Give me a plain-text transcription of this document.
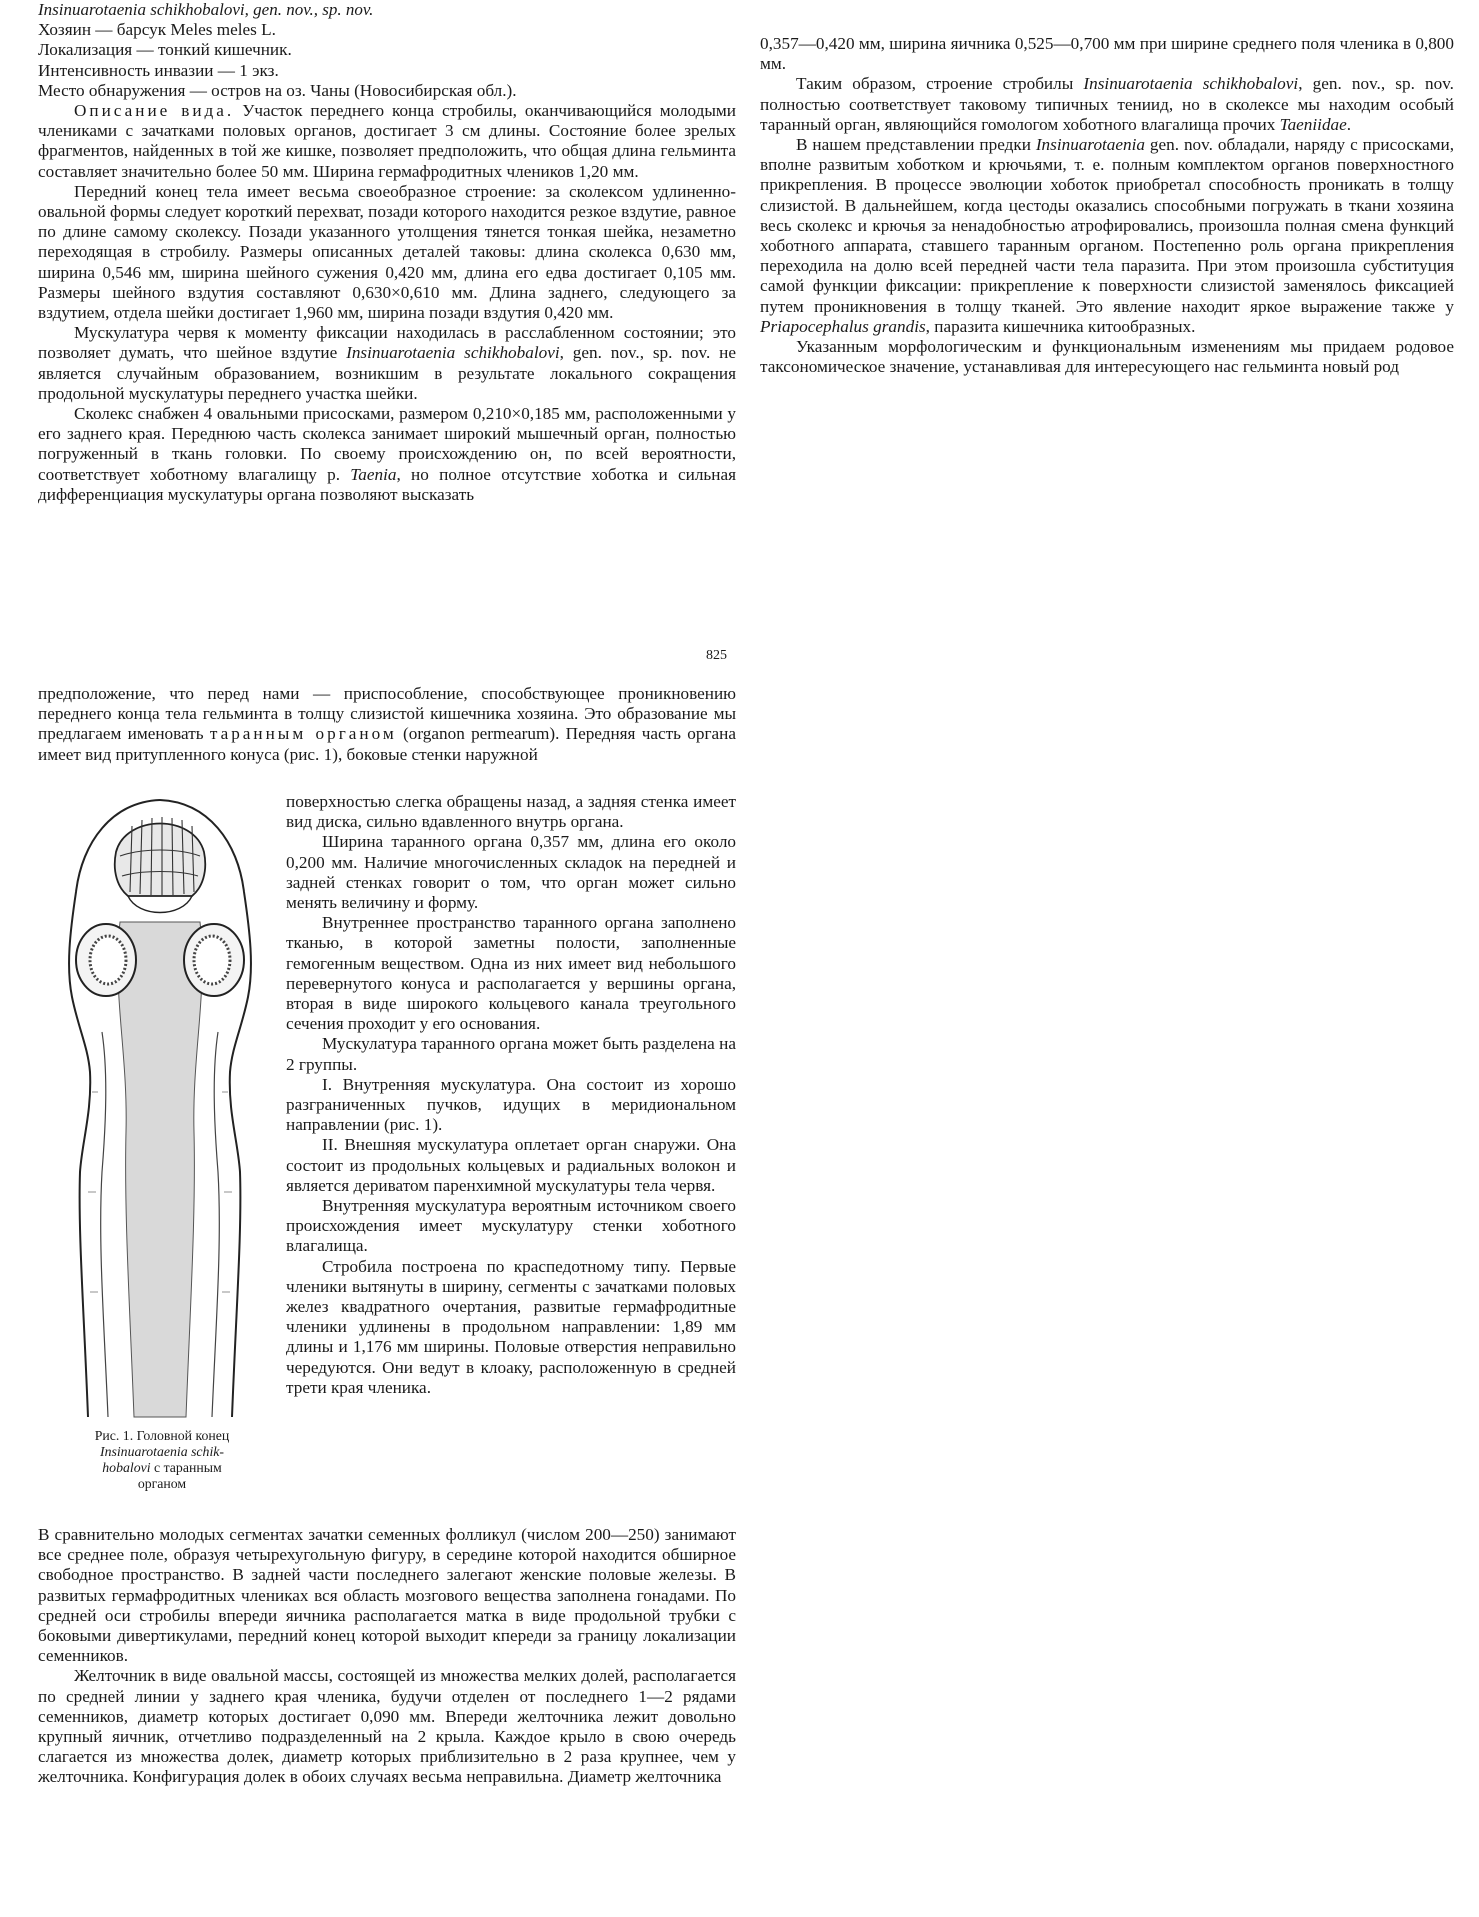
Insinuarotaenia schikhobalovi, gen. nov., sp. nov.

Хозяин — барсук Meles meles L.

Локализация — тонкий кишечник.

Интенсивность инвазии — 1 экз.

Место обнаружения — остров на оз. Чаны (Новосибирская обл.).

Описание вида. Участок переднего конца стробилы, оканчивающийся молодыми члениками с зачатками половых органов, достигает 3 см длины. Состояние более зрелых фрагментов, найденных в той же кишке, позволяет предположить, что общая длина гельминта составляет значительно более 50 мм. Ширина гермафродитных члеников 1,20 мм.

Передний конец тела имеет весьма своеобразное строение: за сколексом удлиненно-овальной формы следует короткий перехват, позади которого находится резкое вздутие, равное по длине самому сколексу. Позади указанного утолщения тянется тонкая шейка, незаметно переходящая в стробилу. Размеры описанных деталей таковы: длина сколекса 0,630 мм, ширина 0,546 мм, ширина шейного сужения 0,420 мм, длина его едва достигает 0,105 мм. Размеры шейного вздутия составляют 0,630×0,610 мм. Длина заднего, следующего за вздутием, отдела шейки достигает 1,960 мм, ширина позади вздутия 0,420 мм.

Мускулатура червя к моменту фиксации находилась в расслабленном состоянии; это позволяет думать, что шейное вздутие Insinuarotaenia schikhobalovi, gen. nov., sp. nov. не является случайным образованием, возникшим в результате локального сокращения продольной мускулатуры переднего участка шейки.

Сколекс снабжен 4 овальными присосками, размером 0,210×0,185 мм, расположенными у его заднего края. Переднюю часть сколекса занимает широкий мышечный орган, полностью погруженный в ткань головки. По своему происхождению он, по всей вероятности, соответствует хоботному влагалищу р. Taenia, но полное отсутствие хоботка и сильная дифференциация мускулатуры органа позволяют высказать

825

0,357—0,420 мм, ширина яичника 0,525—0,700 мм при ширине среднего поля членика в 0,800 мм.

Таким образом, строение стробилы Insinuarotaenia schikhobalovi, gen. nov., sp. nov. полностью соответствует таковому типичных тениид, но в сколексе мы находим особый таранный орган, являющийся гомологом хоботного влагалища прочих Taeniidae.

В нашем представлении предки Insinuarotaenia gen. nov. обладали, наряду с присосками, вполне развитым хоботком и крючьями, т. е. полным комплектом органов поверхностного прикрепления. В процессе эволюции хоботок приобретал способность проникать в толщу слизистой. В дальнейшем, когда цестоды оказались способными погружать в ткани хозяина весь сколекс и крючья за ненадобностью атрофировались, произошла полная смена функций хоботного аппарата, ставшего таранным органом. Постепенно роль органа прикрепления переходила на долю всей передней части тела паразита. При этом произошла субституция самой функции фиксации: прикрепление к поверхности слизистой заменялось фиксацией путем проникновения в толщу тканей. Это явление находит яркое выражение также у Priapocephalus grandis, паразита кишечника китообразных.

Указанным морфологическим и функциональным изменениям мы придаем родовое таксономическое значение, устанавливая для интересующего нас гельминта новый род

предположение, что перед нами — приспособление, способствующее проникновению переднего конца тела гельминта в толщу слизистой кишечника хозяина. Это образование мы предлагаем именовать таранным органом (organon permearum). Передняя часть органа имеет вид притупленного конуса (рис. 1), боковые стенки наружной

Рис. 1. Головной конец
Insinuarotaenia schik-
hobalovi с таранным
органом

поверхностью слегка обращены назад, а задняя стенка имеет вид диска, сильно вдавленного внутрь органа.

Ширина таранного органа 0,357 мм, длина его около 0,200 мм. Наличие многочисленных складок на передней и задней стенках говорит о том, что орган может сильно менять величину и форму.

Внутреннее пространство таранного органа заполнено тканью, в которой заметны полости, заполненные гемогенным веществом. Одна из них имеет вид небольшого перевернутого конуса и располагается у вершины органа, вторая в виде широкого кольцевого канала треугольного сечения проходит у его основания.

Мускулатура таранного органа может быть разделена на 2 группы.

I. Внутренняя мускулатура. Она состоит из хорошо разграниченных пучков, идущих в меридиональном направлении (рис. 1).

II. Внешняя мускулатура оплетает орган снаружи. Она состоит из продольных кольцевых и радиальных волокон и является дериватом паренхимной мускулатуры тела червя.

Внутренняя мускулатура вероятным источником своего происхождения имеет мускулатуру стенки хоботного влагалища.

Стробила построена по краспедотному типу. Первые членики вытянуты в ширину, сегменты с зачатками половых желез квадратного очертания, развитые гермафродитные членики удлинены в продольном направлении: 1,89 мм длины и 1,176 мм ширины. Половые отверстия неправильно чередуются. Они ведут в клоаку, расположенную в средней трети края членика.

В сравнительно молодых сегментах зачатки семенных фолликул (числом 200—250) занимают все среднее поле, образуя четырехугольную фигуру, в середине которой находится обширное свободное пространство. В задней части последнего залегают женские половые железы. В развитых гермафродитных члениках вся область мозгового вещества заполнена гонадами. По средней оси стробилы впереди яичника располагается матка в виде продольной трубки с боковыми дивертикулами, передний конец которой выходит кпереди за границу локализации семенников.

Желточник в виде овальной массы, состоящей из множества мелких долей, располагается по средней линии у заднего края членика, будучи отделен от последнего 1—2 рядами семенников, диаметр которых достигает 0,090 мм. Впереди желточника лежит довольно крупный яичник, отчетливо подразделенный на 2 крыла. Каждое крыло в свою очередь слагается из множества долек, диаметр которых приблизительно в 2 раза крупнее, чем у желточника. Конфигурация долек в обоих случаях весьма неправильна. Диаметр желточника
